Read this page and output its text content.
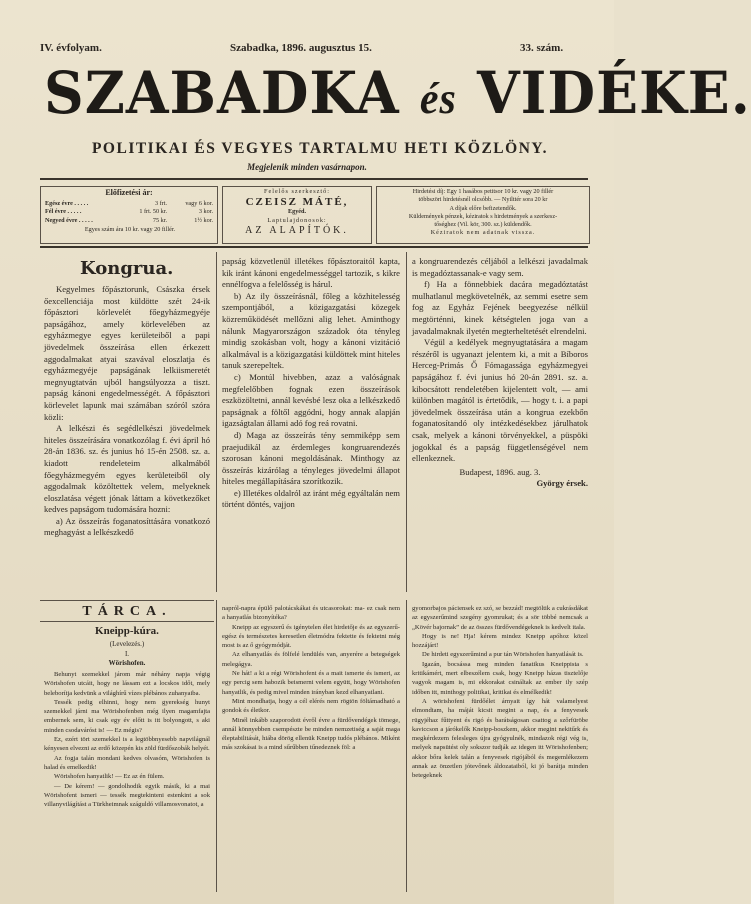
IV. évfolyam.	Szabadka, 1896. augusztus 15.	33. szám.
SZABADKA és VIDÉKE.
POLITIKAI ÉS VEGYES TARTALMU HETI KÖZLÖNY.
Megjelenik minden vasárnapon.
Előfizetési ár:
Egész évre . . . . .	3 frt.	vagy 6 kor.
Fél évre . . . . .	1 frt. 50 kr.	3 kor.
Negyed évre . . . . .	75 kr.	1½ kor.
Egyes szám ára 10 kr. vagy 20 fillér.
Felelős szerkesztő:
CZEISZ MÁTÉ,
Egyéd.
Laptulajdonosok:
AZ ALAPÍTÓK.
Hirdetési díj: Egy 1 hasábos petitsor 10 kr. vagy 20 fillér
többszöri hirdetésnél olcsóbb. — Nyilttér sora 20 kr
A díjak előre befizetendők.
Küldemények pénzek, kéziratok s hirdetmények a szerkesz-
tőséghez (Vil. kör, 300. sz.) küldendők.
Kéziratok nem adatnak vissza.
Kongrua.

Kegyelmes főpásztorunk, Császka érsek őexcellenciája most küldötte szét 24-ik főpásztori körlevelét főegyházmegyéje papságához, amely körlevelében az egyházmegye egyes kerületeiből a papi jövedelmek összeírása ellen érkezett aggodalmakat atyai szavával eloszlatja és egyházmegyéje papságának lelkiismeretét megnyugtatván ujból hangsúlyozza a tiszt. papság kánoni engedelmességét. A főpásztori körlevelet lapunk mai számában szóról szóra közli:

A lelkészi és segédlelkészi jövedelmek hiteles összeírására vonatkozólag f. évi ápril hó 28-án 1836. sz. és junius hó 15-én 2508. sz. a. kiadott rendeleteim alkalmából főegyházmegyém egyes kerületeiből oly aggodalmak közöltettek velem, melyeknek eloszlatása végett jónak láttam a következőket kedves papságom tudomására hozni:

a) Az összeírás foganatosíttására vonatkozó meghagyást a lelkészkedő

papság közvetlenül illetékes főpásztoraitól kapta, kik iránt kánoni engedelmességgel tartozik, s kikre ennélfogva a felelősség is hárul.

b) Az ily összeírásnál, főleg a közhitelesség szempontjából, a közigazgatási közegek közreműködését mellőzni alig lehet. Aminthogy nálunk Magyarországon századok óta tényleg mindig szokásban volt, hogy a kánoni vizitáció alkalmával is a közigazgatási küldöttek mint hiteles tanuk szerepeltek.

c) Montúl hivebben, azaz a valóságnak megfelelőbben fognak ezen összeírások eszközöltetni, annál kevésbé lesz oka a lelkészkedő papságnak a föltől aggódni, hogy annak alapján igazságtalan állami adó fog reá rovatni.

d) Maga az összeírás tény semmiképp sem praejudikál az érdemleges kongruarendezés szorosan kánoni megoldásának. Minthogy az összeírás kizárólag a tényleges jövedelmi állapot hiteles megállapítására szorítkozik.

e) Illetékes oldalról az iránt még egyáltalán nem történt döntés, vajjon

a kongruarendezés céljából a lelkészi javadalmak is megadóztassanak-e vagy sem.

f) Ha a fönnebbiek dacára megadóztatást mulhatlanul megkövetelnék, az semmi esetre sem fog az Egyház Fejének beegyezése nélkül megtörténni, kinek kétségtelen joga van a javadalmaknak ilyetén megterheltetését elrendelni.

Végül a kedélyek megnyugtatására a magam részéről is ugyanazt jelentem ki, a mit a Bíboros Herceg-Primás Ő Fómagassága egyházmegyei papságához f. évi junius hó 20-án 2891. sz. a. kibocsátott rendeletében kijelentett volt, — ami különben magától is értetődik, — hogy t. i. a papi jövedelmek összeírása után a kongrua ezekbőn foganatosítandó oly intézkedésekbez járulhatok csak, melyek a kánoni törvényekkel, a püspöki jogokkal és a papság függetlenségével nem ellenkeznek.

Budapest, 1896. aug. 3.

György érsek.

TÁRCA.
Kneipp-kúra.
(Levelezés.)
I.
Wörishofen.

Behunyt szemekkel járom már néhány napja végig Wörishofen utcáit, hogy ne lássam ezt a locskos időt, mely beleborítja kedvünk a világhírű vízes plébános zuhanyaiba.

Tessék pedig elhinni, hogy nem gyerekség hunyt szemekkel járni ma Wörishofenben még ilyen magamfajta embernek sem, ki csak egy év előtt is itt bolyongott, s aki minden csodaváróst is! — Ez mégis?

Ez, ezért tört szemekkel is a legtöbbnyesebb napvilágnál kényesen elvezni az erdő közepén kis zöld fürdőszobák helyét.

Az fogja talán mondani kedves olvasóm, Wörishofen is halad és emelkedik!

Wörishofen hanyatlik! — Ez az én fülem.

— De kérem! — gondolhodik egyik másik, ki a mai Wörishofent ismeri — tessék megtekinteni estenkint a sok villanyvilágítást a Türkheimnak száguldó villamosvonatot, a

napról-napra épülő palotácskákat és utcasorokat: ma- ez csak nem a hanyatlás bizonyítéka?

Kneipp az egyszerű és igénytelen élet hirdetője és az egyszerű-egész és természetes keresetlen életmódra fektette és fektetni még most is az ő gyógymódját.

Az elhanyatlás és fölfelé lendülés van, anyerére a betegségek melegágya.

Ne hát! a ki a régi Wörishofent és a mait ismerte és ismeri, az egy percig sem habozik beismerni velem együtt, hogy Wörishofen hanyatlik, és pedig mivel minden irányban kezd elhanyatlani.

Mint mondhatja, hogy a cél elérés nem rögtön föltámadható a gondok és életkor.

Minél inkább szaporodott évről évre a fürdővendégek tömege, annál könnyebben csempészte be minden nemzetiség a saját maga éleptabilitását, hiába dörög ellenük Kneipp tudós plébános. Miként más szokásai is a mind sűrűbben tűnedeznek föl: a

gyomorbajos páciensek ez szó, se bezzád! megtöltik a cukrásdákat az egyszerűmind szegény gyomrukat; és a sör többé nemcsak a „Kövér bajornak” de az összes fürdővendégeknek is kedvelt itala.

Hogy is ne! Hja! kérem mindez Kneipp apóhoz közel hozzájárt!

De hirdeti egyszerűmind a pur tán Wörishofen hanyatlását is.

Igazán, bocsássa meg minden fanatikus Kneippista s kritikámért, mert elbeszélem csak, hogy Kneipp házas tisztelője vagyok magam is, mi ekkorakat csináltak az ember ily szép időben itt, minthogy politikai, kritikai és elmélkedik!

A wörishofeni fürdőélet árnyait így hát valamelyest elmondtam, ha máját kicsit megint a nap, és a fenyvesek rügyjéhaz fűttyent és rigó és barátságosan csattog a szőrfüröbe kaviccson a járókelők Kneipp-boszkem, akkor megint nekitűrk és megkérdezem felesleges újra gyógyulnék, mindazok régi vég is, melyek napsütést oly sokszor tudják az idegen itt Wörishofenben; akkor bőra kelek talán a fenyvesek rigójából és megemlékezem annak az önzetlen jótevőnek áldozataiból, ki jó barátja minden betegeknek
